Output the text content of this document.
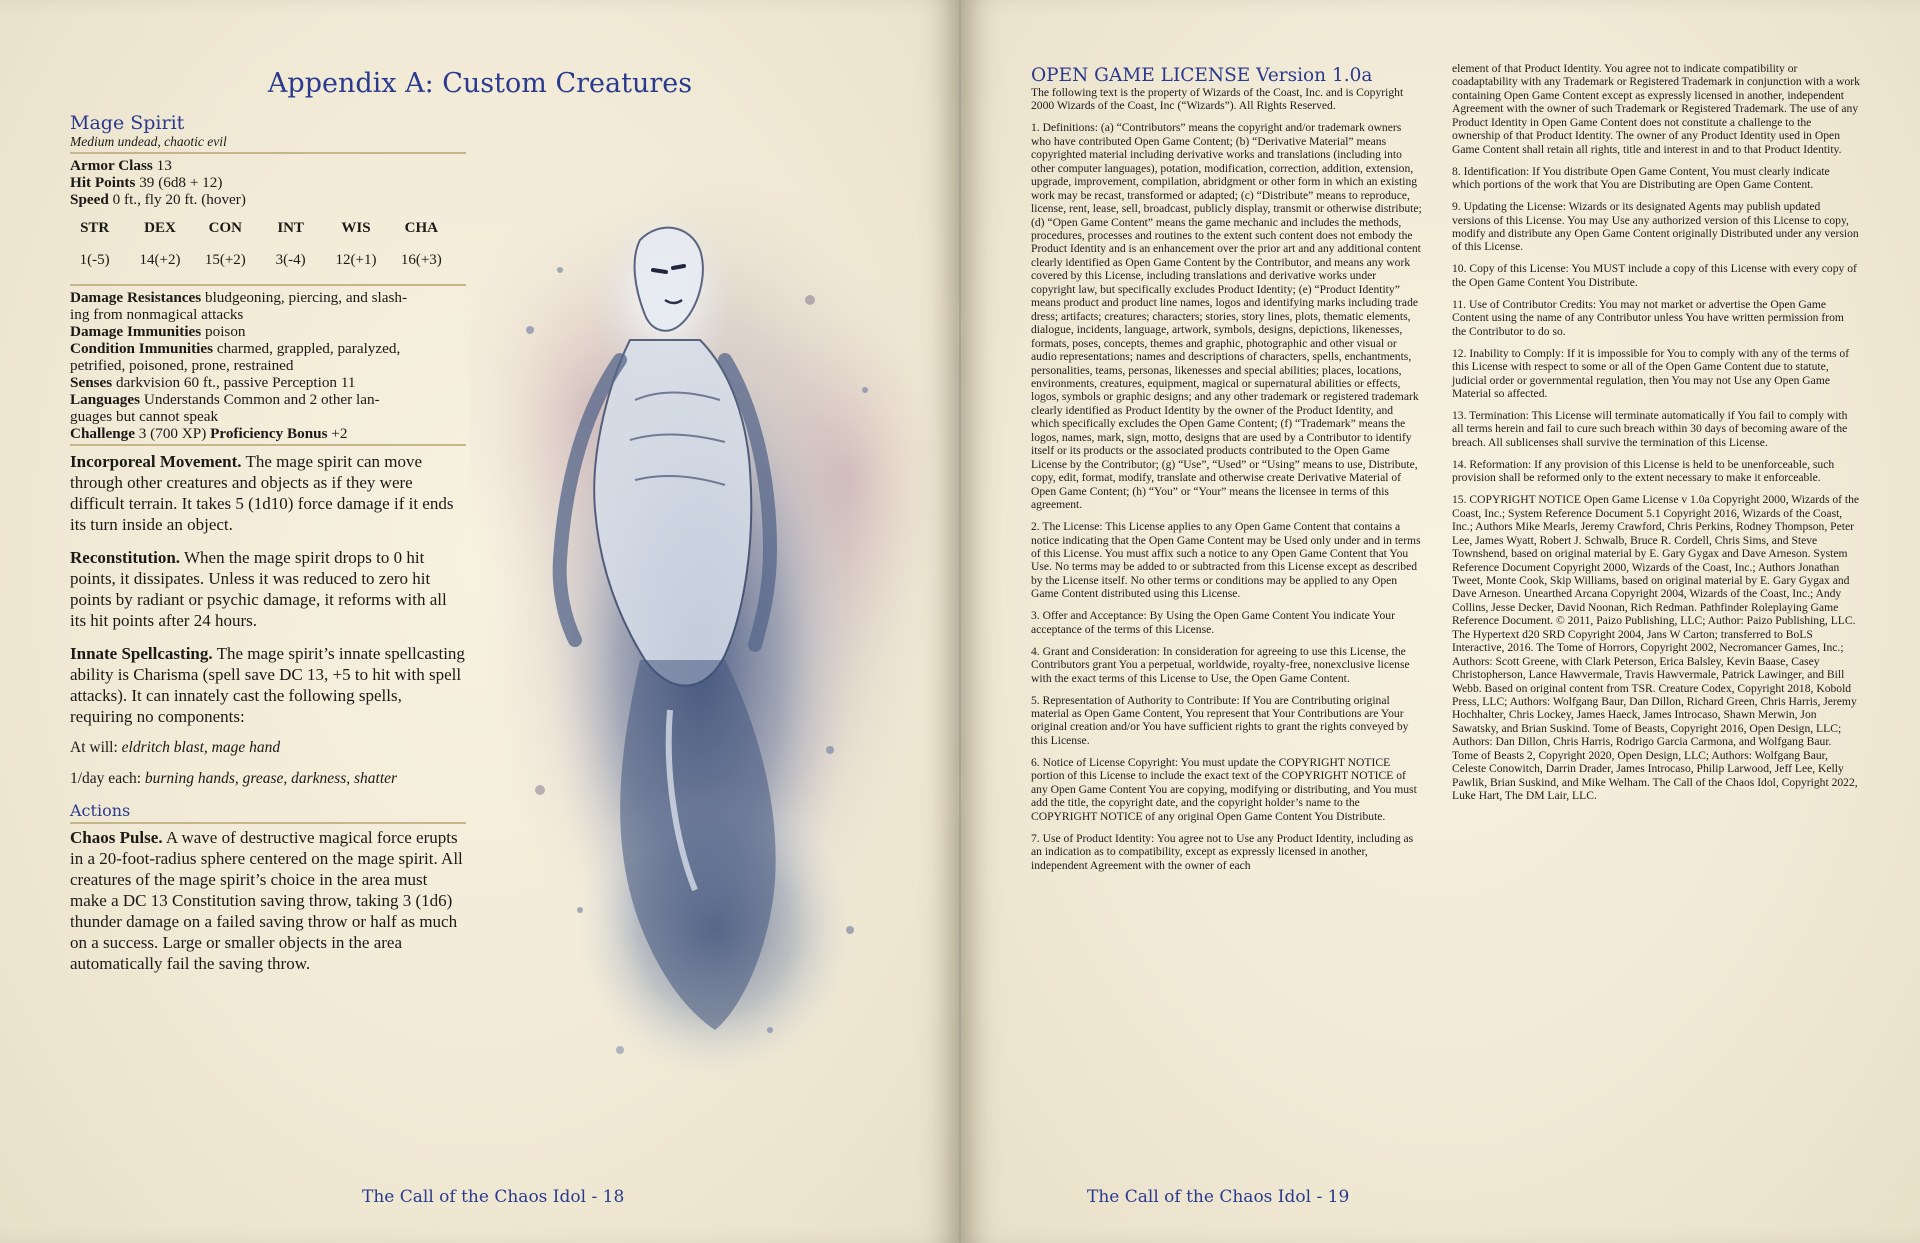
Appendix A: Custom Creatures
Mage Spirit
Medium undead, chaotic evil
Armor Class 13
Hit Points 39 (6d8 + 12)
Speed 0 ft., fly 20 ft. (hover)
STR	DEX	CON	INT	WIS	CHA
1(-5)	14(+2)	15(+2)	3(-4)	12(+1)	16(+3)
Damage Resistances bludgeoning, piercing, and slash-
ing from nonmagical attacks
Damage Immunities poison
Condition Immunities charmed, grappled, paralyzed,
petrified, poisoned, prone, restrained
Senses darkvision 60 ft., passive Perception 11
Languages Understands Common and 2 other lan-
guages but cannot speak
Challenge 3 (700 XP) Proficiency Bonus +2
Incorporeal Movement. The mage spirit can move through other creatures and objects as if they were difficult terrain. It takes 5 (1d10) force damage if it ends its turn inside an object.
Reconstitution. When the mage spirit drops to 0 hit points, it dissipates. Unless it was reduced to zero hit points by radiant or psychic damage, it reforms with all its hit points after 24 hours.
Innate Spellcasting. The mage spirit’s innate spellcasting ability is Charisma (spell save DC 13, +5 to hit with spell attacks). It can innately cast the following spells, requiring no components:
At will: eldritch blast, mage hand
1/day each: burning hands, grease, darkness, shatter
Actions
Chaos Pulse. A wave of destructive magical force erupts in a 20-foot-radius sphere centered on the mage spirit. All creatures of the mage spirit’s choice in the area must make a DC 13 Constitution saving throw, taking 3 (1d6) thunder damage on a failed saving throw or half as much on a success. Large or smaller objects in the area automatically fail the saving throw.
The Call of the Chaos Idol - 18	The Call of the Chaos Idol - 19
OPEN GAME LICENSE Version 1.0a

The following text is the property of Wizards of the Coast, Inc. and is Copyright 2000 Wizards of the Coast, Inc (“Wizards”). All Rights Reserved.

1. Definitions: (a) “Contributors” means the copyright and/or trademark owners who have contributed Open Game Content; (b) “Derivative Material” means copyrighted material including derivative works and translations (including into other computer languages), potation, modification, correction, addition, extension, upgrade, improvement, compilation, abridgment or other form in which an existing work may be recast, transformed or adapted; (c) “Distribute” means to reproduce, license, rent, lease, sell, broadcast, publicly display, transmit or otherwise distribute; (d) “Open Game Content” means the game mechanic and includes the methods, procedures, processes and routines to the extent such content does not embody the Product Identity and is an enhancement over the prior art and any additional content clearly identified as Open Game Content by the Contributor, and means any work covered by this License, including translations and derivative works under copyright law, but specifically excludes Product Identity; (e) “Product Identity” means product and product line names, logos and identifying marks including trade dress; artifacts; creatures; characters; stories, story lines, plots, thematic elements, dialogue, incidents, language, artwork, symbols, designs, depictions, likenesses, formats, poses, concepts, themes and graphic, photographic and other visual or audio representations; names and descriptions of characters, spells, enchantments, personalities, teams, personas, likenesses and special abilities; places, locations, environments, creatures, equipment, magical or supernatural abilities or effects, logos, symbols or graphic designs; and any other trademark or registered trademark clearly identified as Product Identity by the owner of the Product Identity, and which specifically excludes the Open Game Content; (f) “Trademark” means the logos, names, mark, sign, motto, designs that are used by a Contributor to identify itself or its products or the associated products contributed to the Open Game License by the Contributor; (g) “Use”, “Used” or “Using” means to use, Distribute, copy, edit, format, modify, translate and otherwise create Derivative Material of Open Game Content; (h) “You” or “Your” means the licensee in terms of this agreement.

2. The License: This License applies to any Open Game Content that contains a notice indicating that the Open Game Content may be Used only under and in terms of this License. You must affix such a notice to any Open Game Content that You Use. No terms may be added to or subtracted from this License except as described by the License itself. No other terms or conditions may be applied to any Open Game Content distributed using this License.

3. Offer and Acceptance: By Using the Open Game Content You indicate Your acceptance of the terms of this License.

4. Grant and Consideration: In consideration for agreeing to use this License, the Contributors grant You a perpetual, worldwide, royalty-free, nonexclusive license with the exact terms of this License to Use, the Open Game Content.

5. Representation of Authority to Contribute: If You are Contributing original material as Open Game Content, You represent that Your Contributions are Your original creation and/or You have sufficient rights to grant the rights conveyed by this License.

6. Notice of License Copyright: You must update the COPYRIGHT NOTICE portion of this License to include the exact text of the COPYRIGHT NOTICE of any Open Game Content You are copying, modifying or distributing, and You must add the title, the copyright date, and the copyright holder’s name to the COPYRIGHT NOTICE of any original Open Game Content You Distribute.

7. Use of Product Identity: You agree not to Use any Product Identity, including as an indication as to compatibility, except as expressly licensed in another, independent Agreement with the owner of each

element of that Product Identity. You agree not to indicate compatibility or coadaptability with any Trademark or Registered Trademark in conjunction with a work containing Open Game Content except as expressly licensed in another, independent Agreement with the owner of such Trademark or Registered Trademark. The use of any Product Identity in Open Game Content does not constitute a challenge to the ownership of that Product Identity. The owner of any Product Identity used in Open Game Content shall retain all rights, title and interest in and to that Product Identity.

8. Identification: If You distribute Open Game Content, You must clearly indicate which portions of the work that You are Distributing are Open Game Content.

9. Updating the License: Wizards or its designated Agents may publish updated versions of this License. You may Use any authorized version of this License to copy, modify and distribute any Open Game Content originally Distributed under any version of this License.

10. Copy of this License: You MUST include a copy of this License with every copy of the Open Game Content You Distribute.

11. Use of Contributor Credits: You may not market or advertise the Open Game Content using the name of any Contributor unless You have written permission from the Contributor to do so.

12. Inability to Comply: If it is impossible for You to comply with any of the terms of this License with respect to some or all of the Open Game Content due to statute, judicial order or governmental regulation, then You may not Use any Open Game Material so affected.

13. Termination: This License will terminate automatically if You fail to comply with all terms herein and fail to cure such breach within 30 days of becoming aware of the breach. All sublicenses shall survive the termination of this License.

14. Reformation: If any provision of this License is held to be unenforceable, such provision shall be reformed only to the extent necessary to make it enforceable.

15. COPYRIGHT NOTICE Open Game License v 1.0a Copyright 2000, Wizards of the Coast, Inc.; System Reference Document 5.1 Copyright 2016, Wizards of the Coast, Inc.; Authors Mike Mearls, Jeremy Crawford, Chris Perkins, Rodney Thompson, Peter Lee, James Wyatt, Robert J. Schwalb, Bruce R. Cordell, Chris Sims, and Steve Townshend, based on original material by E. Gary Gygax and Dave Arneson. System Reference Document Copyright 2000, Wizards of the Coast, Inc.; Authors Jonathan Tweet, Monte Cook, Skip Williams, based on original material by E. Gary Gygax and Dave Arneson. Unearthed Arcana Copyright 2004, Wizards of the Coast, Inc.; Andy Collins, Jesse Decker, David Noonan, Rich Redman. Pathfinder Roleplaying Game Reference Document. © 2011, Paizo Publishing, LLC; Author: Paizo Publishing, LLC. The Hypertext d20 SRD Copyright 2004, Jans W Carton; transferred to BoLS Interactive, 2016. The Tome of Horrors, Copyright 2002, Necromancer Games, Inc.; Authors: Scott Greene, with Clark Peterson, Erica Balsley, Kevin Baase, Casey Christopherson, Lance Hawvermale, Travis Hawvermale, Patrick Lawinger, and Bill Webb. Based on original content from TSR. Creature Codex, Copyright 2018, Kobold Press, LLC; Authors: Wolfgang Baur, Dan Dillon, Richard Green, Chris Harris, Jeremy Hochhalter, Chris Lockey, James Haeck, James Introcaso, Shawn Merwin, Jon Sawatsky, and Brian Suskind. Tome of Beasts, Copyright 2016, Open Design, LLC; Authors: Dan Dillon, Chris Harris, Rodrigo Garcia Carmona, and Wolfgang Baur. Tome of Beasts 2, Copyright 2020, Open Design, LLC; Authors: Wolfgang Baur, Celeste Conowitch, Darrin Drader, James Introcaso, Philip Larwood, Jeff Lee, Kelly Pawlik, Brian Suskind, and Mike Welham. The Call of the Chaos Idol, Copyright 2022, Luke Hart, The DM Lair, LLC.
